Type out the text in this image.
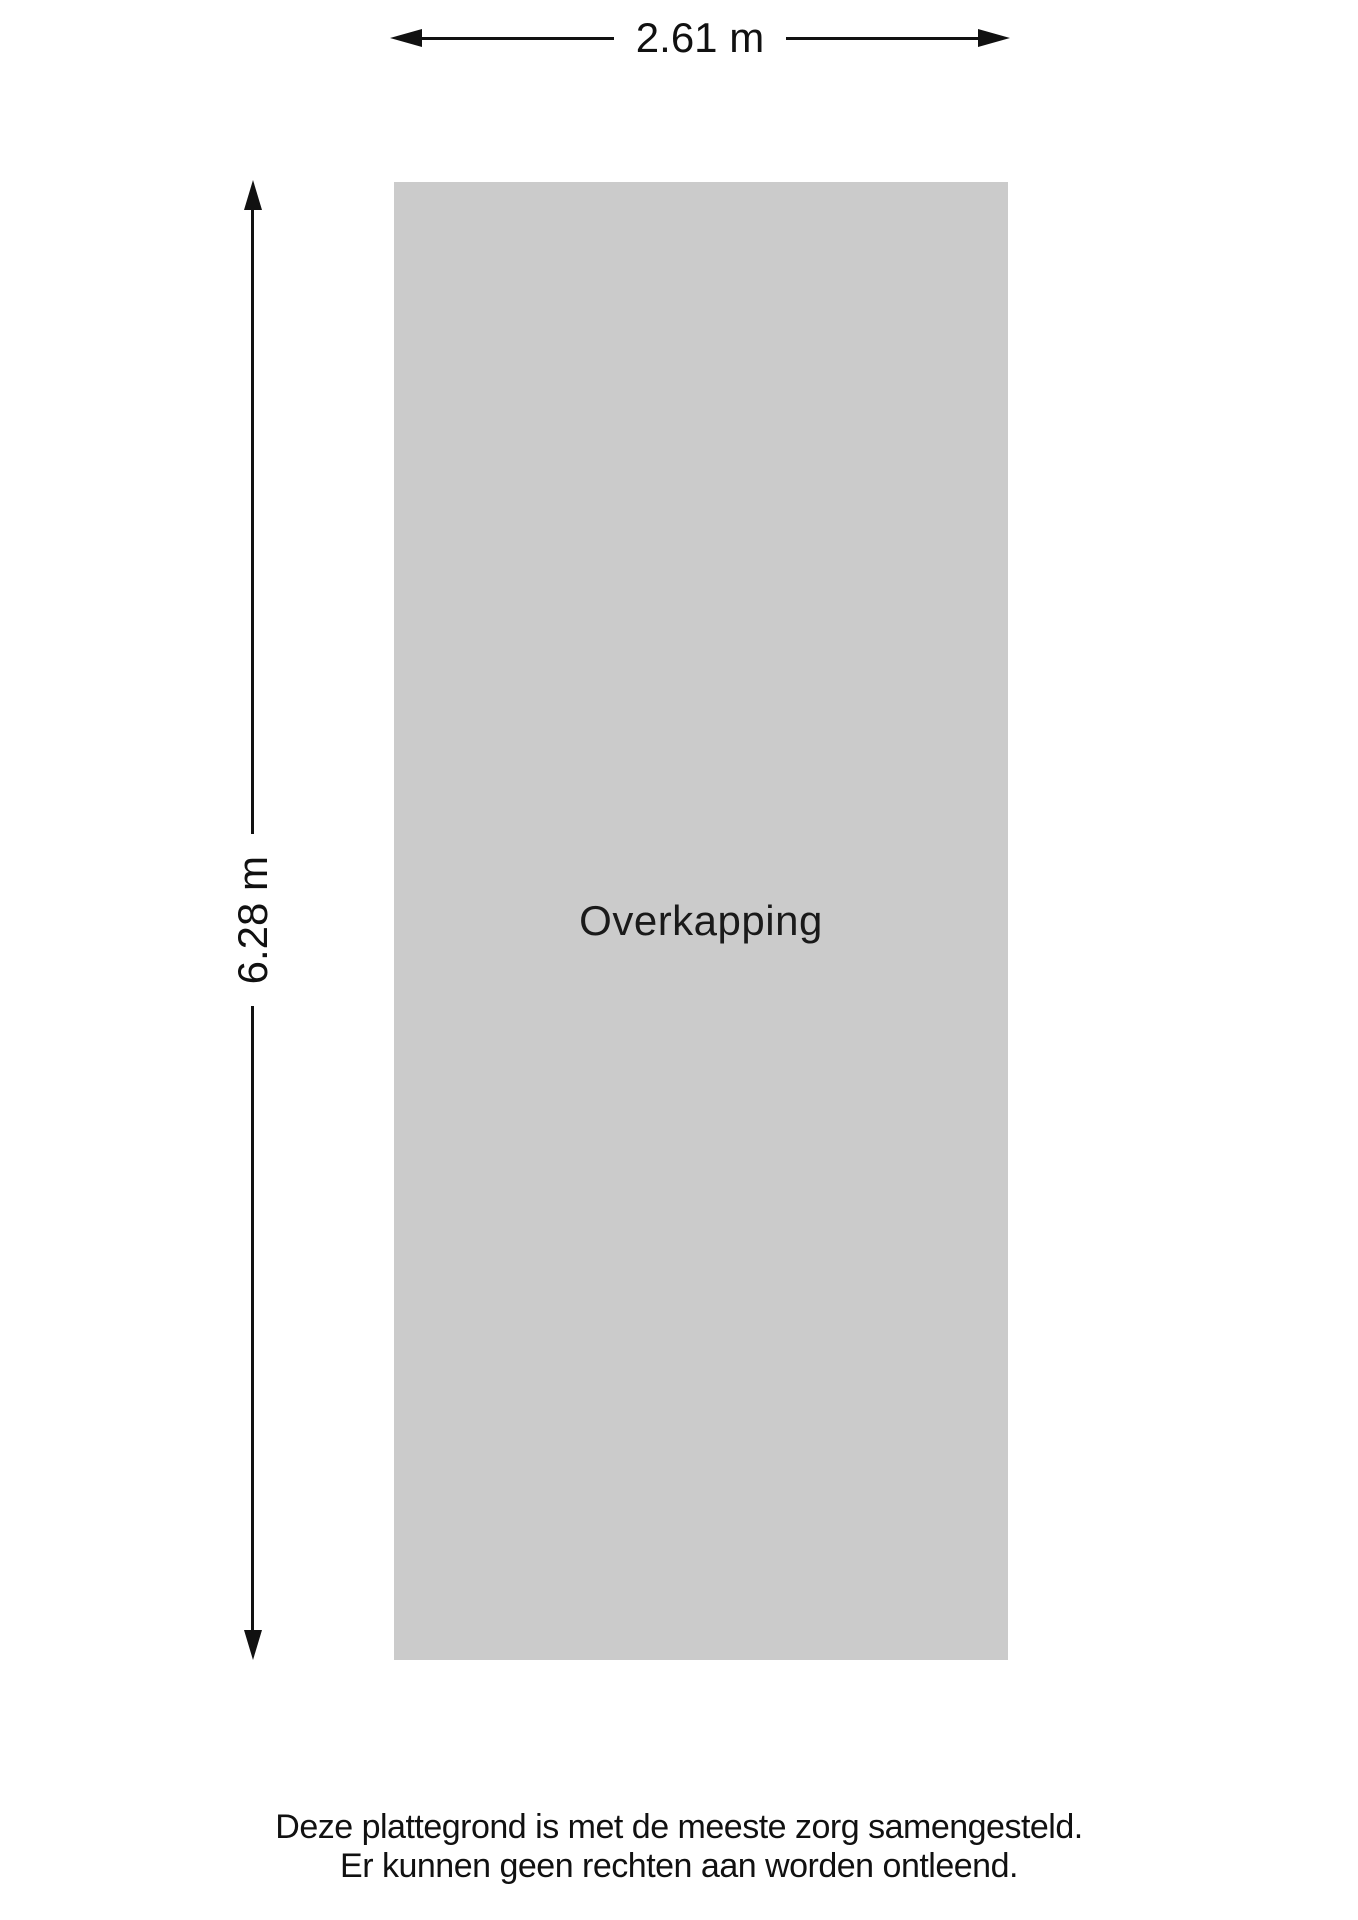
2.61 m
6.28 m	Overkapping
Deze plattegrond is met de meeste zorg samengesteld.
Er kunnen geen rechten aan worden ontleend.
